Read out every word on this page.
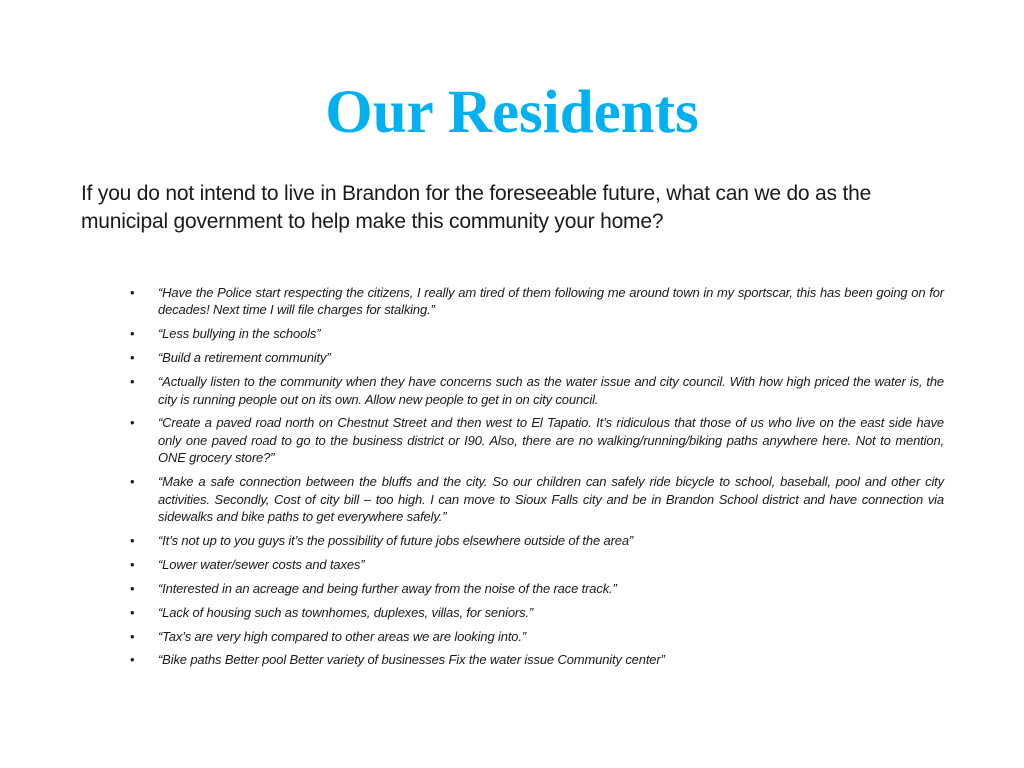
Our Residents

If you do not intend to live in Brandon for the foreseeable future, what can we do as the municipal government to help make this community your home?

•	“Have the Police start respecting the citizens, I really am tired of them following me around town in my sportscar, this has been going on for decades! Next time I will file charges for stalking.”
•	“Less bullying in the schools”
•	“Build a retirement community”
•	“Actually listen to the community when they have concerns such as the water issue and city council. With how high priced the water is, the city is running people out on its own. Allow new people to get in on city council.
•	“Create a paved road north on Chestnut Street and then west to El Tapatio. It’s ridiculous that those of us who live on the east side have only one paved road to go to the business district or I90. Also, there are no walking/running/biking paths anywhere here. Not to mention, ONE grocery store?”
•	“Make a safe connection between the bluffs and the city. So our children can safely ride bicycle to school, baseball, pool and other city activities. Secondly, Cost of city bill – too high. I can move to Sioux Falls city and be in Brandon School district and have connection via sidewalks and bike paths to get everywhere safely.”
•	“It’s not up to you guys it’s the possibility of future jobs elsewhere outside of the area”
•	“Lower water/sewer costs and taxes”
•	“Interested in an acreage and being further away from the noise of the race track.”
•	“Lack of housing such as townhomes, duplexes, villas, for seniors.”
•	“Tax’s are very high compared to other areas we are looking into.”
•	“Bike paths Better pool Better variety of businesses Fix the water issue Community center”
